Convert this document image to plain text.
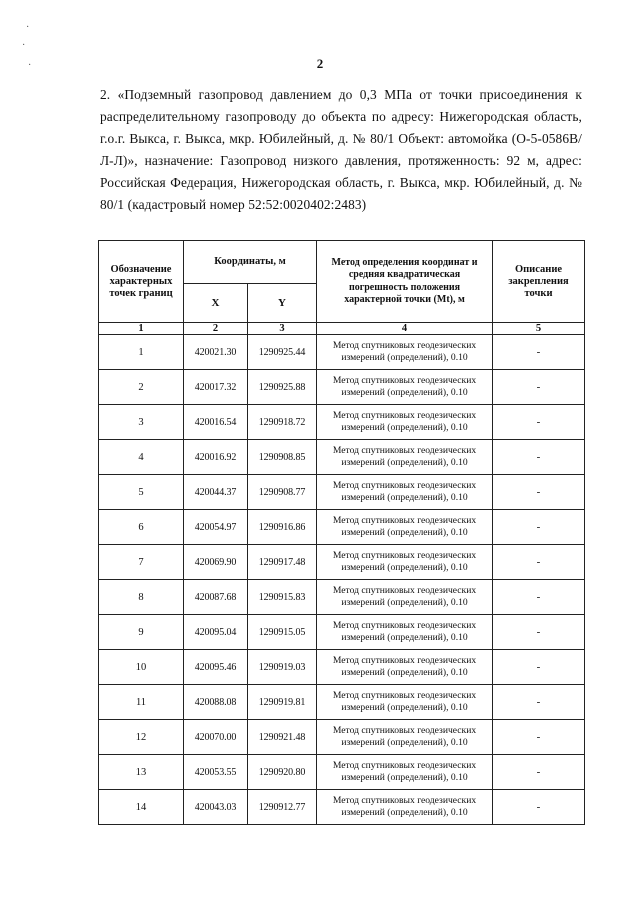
·
·
·	2
2. «Подземный газопровод давлением до 0,3 МПа от точки присоединения к распределительному газопроводу до объекта по адресу: Нижегородская область, г.о.г. Выкса, г. Выкса, мкр. Юбилейный, д. № 80/1 Объект: автомойка (О-5-0586В/Л-Л)», назначение: Газопровод низкого давления, протяженность: 92 м, адрес: Российская Федерация, Нижегородская область, г. Выкса, мкр. Юбилейный, д. № 80/1 (кадастровый номер 52:52:0020402:2483)
Обозначение характерных точек границ	Координаты, м		Метод определения координат и средняя квадратическая погрешность положения характерной точки (Mt), м	Описание закрепления точки
	X	Y		
1	2	3	4	5
1	420021.30	1290925.44	Метод спутниковых геодезических измерений (определений), 0.10	-
2	420017.32	1290925.88	Метод спутниковых геодезических измерений (определений), 0.10	-
3	420016.54	1290918.72	Метод спутниковых геодезических измерений (определений), 0.10	-
4	420016.92	1290908.85	Метод спутниковых геодезических измерений (определений), 0.10	-
5	420044.37	1290908.77	Метод спутниковых геодезических измерений (определений), 0.10	-
6	420054.97	1290916.86	Метод спутниковых геодезических измерений (определений), 0.10	-
7	420069.90	1290917.48	Метод спутниковых геодезических измерений (определений), 0.10	-
8	420087.68	1290915.83	Метод спутниковых геодезических измерений (определений), 0.10	-
9	420095.04	1290915.05	Метод спутниковых геодезических измерений (определений), 0.10	-
10	420095.46	1290919.03	Метод спутниковых геодезических измерений (определений), 0.10	-
11	420088.08	1290919.81	Метод спутниковых геодезических измерений (определений), 0.10	-
12	420070.00	1290921.48	Метод спутниковых геодезических измерений (определений), 0.10	-
13	420053.55	1290920.80	Метод спутниковых геодезических измерений (определений), 0.10	-
14	420043.03	1290912.77	Метод спутниковых геодезических измерений (определений), 0.10	-
